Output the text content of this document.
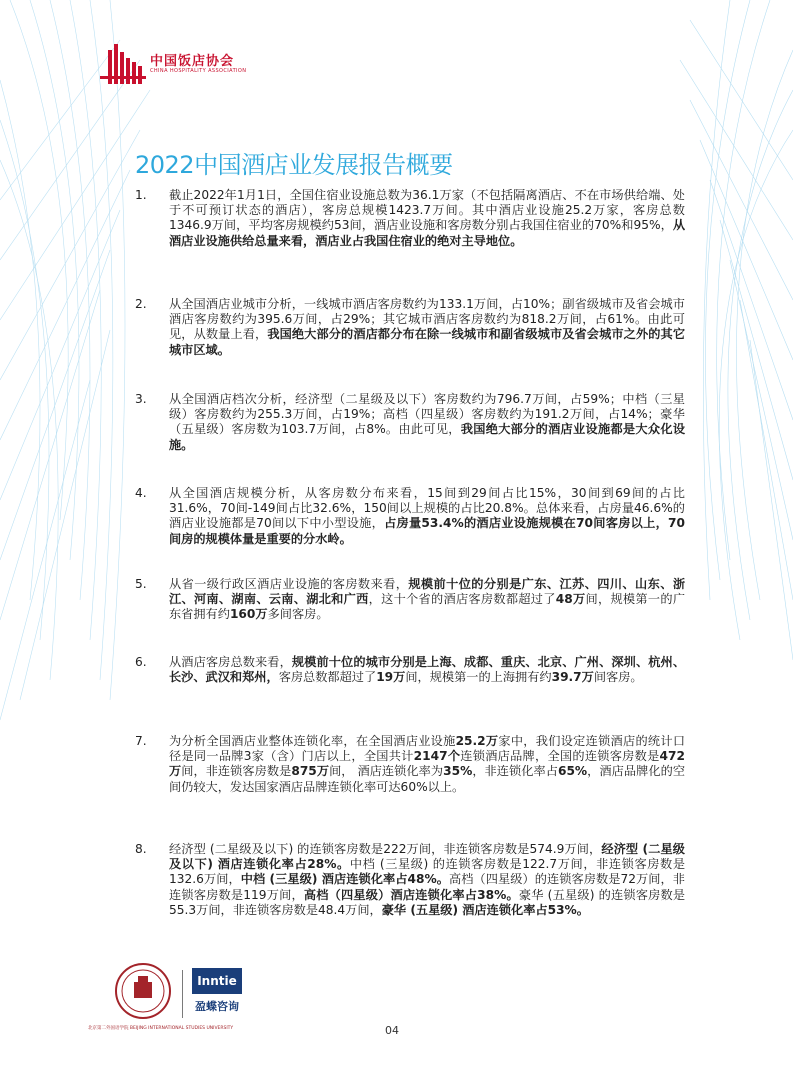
中国饭店协会
CHINA HOSPITALITY ASSOCIATION
2022中国酒店业发展报告概要
1.	截止2022年1月1日，全国住宿业设施总数为36.1万家（不包括隔离酒店、不在市场供给端、处于不可预订状态的酒店），客房总规模1423.7万间。其中酒店业设施25.2万家，客房总数1346.9万间，平均客房规模约53间，酒店业设施和客房数分别占我国住宿业的70%和95%，从酒店业设施供给总量来看，酒店业占我国住宿业的绝对主导地位。
2.	从全国酒店业城市分析，一线城市酒店客房数约为133.1万间，占10%；副省级城市及省会城市酒店客房数约为395.6万间，占29%；其它城市酒店客房数约为818.2万间，占61%。由此可见，从数量上看，我国绝大部分的酒店都分布在除一线城市和副省级城市及省会城市之外的其它城市区域。
3.	从全国酒店档次分析，经济型（二星级及以下）客房数约为796.7万间，占59%；中档（三星级）客房数约为255.3万间，占19%；高档（四星级）客房数约为191.2万间，占14%；豪华（五星级）客房数为103.7万间，占8%。由此可见，我国绝大部分的酒店业设施都是大众化设施。
4.	从全国酒店规模分析，从客房数分布来看，15间到29间占比15%，30间到69间的占比31.6%，70间-149间占比32.6%，150间以上规模的占比20.8%。总体来看，占房量46.6%的酒店业设施都是70间以下中小型设施，占房量53.4%的酒店业设施规模在70间客房以上，70间房的规模体量是重要的分水岭。
5.	从省一级行政区酒店业设施的客房数来看，规模前十位的分别是广东、江苏、四川、山东、浙江、河南、湖南、云南、湖北和广西，这十个省的酒店客房数都超过了48万间，规模第一的广东省拥有约160万多间客房。
6.	从酒店客房总数来看，规模前十位的城市分别是上海、成都、重庆、北京、广州、深圳、杭州、长沙、武汉和郑州，客房总数都超过了19万间，规模第一的上海拥有约39.7万间客房。
7.	为分析全国酒店业整体连锁化率，在全国酒店业设施25.2万家中，我们设定连锁酒店的统计口径是同一品牌3家（含）门店以上，全国共计2147个连锁酒店品牌，全国的连锁客房数是472万间，非连锁客房数是875万间， 酒店连锁化率为35%，非连锁化率占65%，酒店品牌化的空间仍较大，发达国家酒店品牌连锁化率可达60%以上。
8.	经济型 (二星级及以下) 的连锁客房数是222万间，非连锁客房数是574.9万间，经济型 (二星级及以下) 酒店连锁化率占28%。中档 (三星级) 的连锁客房数是122.7万间，非连锁客房数是132.6万间，中档 (三星级) 酒店连锁化率占48%。高档（四星级）的连锁客房数是72万间，非连锁客房数是119万间，高档（四星级）酒店连锁化率占38%。豪华 (五星级) 的连锁客房数是55.3万间，非连锁客房数是48.4万间，豪华 (五星级) 酒店连锁化率占53%。
北京第二外国语学院 BEIJING INTERNATIONAL STUDIES UNIVERSITY
Inntie
盈蝶咨询
04
